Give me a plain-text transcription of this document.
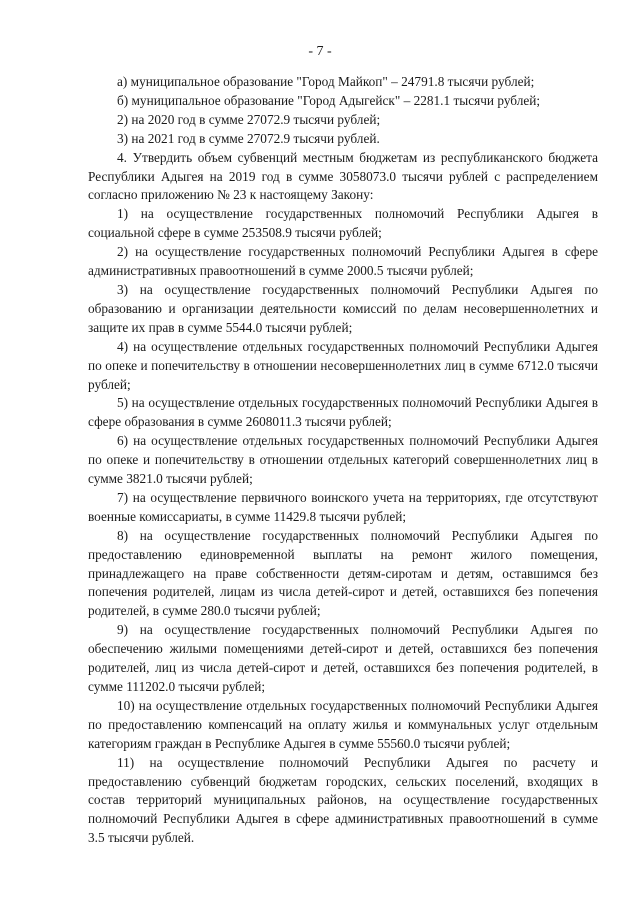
- 7 -

а) муниципальное образование "Город Майкоп" – 24791.8 тысячи рублей;

б) муниципальное образование "Город Адыгейск" – 2281.1 тысячи рублей;

2) на 2020 год в сумме 27072.9 тысячи рублей;

3) на 2021 год в сумме 27072.9 тысячи рублей.

4. Утвердить объем субвенций местным бюджетам из республиканского бюджета Республики Адыгея на 2019 год в сумме 3058073.0 тысячи рублей с распределением согласно приложению № 23 к настоящему Закону:

1) на осуществление государственных полномочий Республики Адыгея в социальной сфере в сумме 253508.9 тысячи рублей;

2) на осуществление государственных полномочий Республики Адыгея в сфере административных правоотношений в сумме 2000.5 тысячи рублей;

3) на осуществление государственных полномочий Республики Адыгея по образованию и организации деятельности комиссий по делам несовершеннолетних и защите их прав в сумме 5544.0 тысячи рублей;

4) на осуществление отдельных государственных полномочий Республики Адыгея по опеке и попечительству в отношении несовершеннолетних лиц в сумме 6712.0 тысячи рублей;

5) на осуществление отдельных государственных полномочий Республики Адыгея в сфере образования в сумме 2608011.3 тысячи рублей;

6) на осуществление отдельных государственных полномочий Республики Адыгея по опеке и попечительству в отношении отдельных категорий совершеннолетних лиц в сумме 3821.0 тысячи рублей;

7) на осуществление первичного воинского учета на территориях, где отсутствуют военные комиссариаты, в сумме 11429.8 тысячи рублей;

8) на осуществление государственных полномочий Республики Адыгея по предоставлению единовременной выплаты на ремонт жилого помещения, принадлежащего на праве собственности детям-сиротам и детям, оставшимся без попечения родителей, лицам из числа детей-сирот и детей, оставшихся без попечения родителей, в сумме 280.0 тысячи рублей;

9) на осуществление государственных полномочий Республики Адыгея по обеспечению жилыми помещениями детей-сирот и детей, оставшихся без попечения родителей, лиц из числа детей-сирот и детей, оставшихся без попечения родителей, в сумме 111202.0 тысячи рублей;

10) на осуществление отдельных государственных полномочий Республики Адыгея по предоставлению компенсаций на оплату жилья и коммунальных услуг отдельным категориям граждан в Республике Адыгея в сумме 55560.0 тысячи рублей;

11) на осуществление полномочий Республики Адыгея по расчету и предоставлению субвенций бюджетам городских, сельских поселений, входящих в состав территорий муниципальных районов, на осуществление государственных полномочий Республики Адыгея в сфере административных правоотношений в сумме 3.5 тысячи рублей.
